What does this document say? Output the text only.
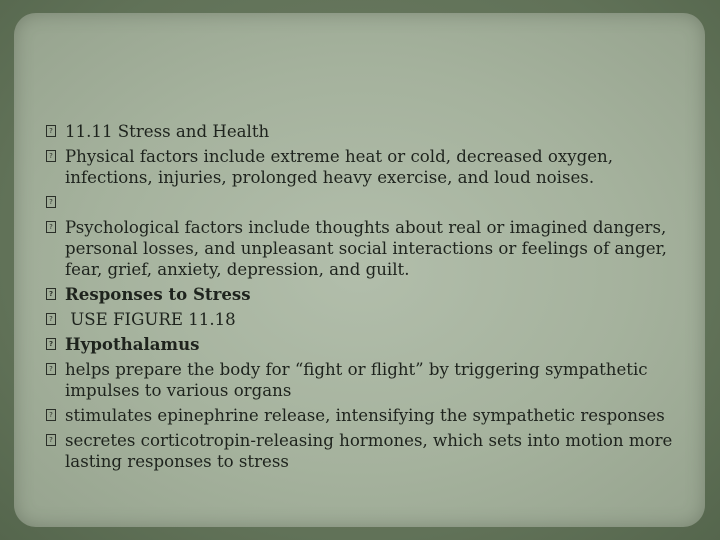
? 11.11 Stress and Health
? Physical factors include extreme heat or cold, decreased oxygen, infections, injuries, prolonged heavy exercise, and loud noises.
?
? Psychological factors include thoughts about real or imagined dangers, personal losses, and unpleasant social interactions or feelings of anger, fear, grief, anxiety, depression, and guilt.
? Responses to Stress
? USE FIGURE 11.18
? Hypothalamus
? helps prepare the body for “fight or flight” by triggering sympathetic impulses to various organs
? stimulates epinephrine release, intensifying the sympathetic responses
? secretes corticotropin-releasing hormones, which sets into motion more lasting responses to stress
